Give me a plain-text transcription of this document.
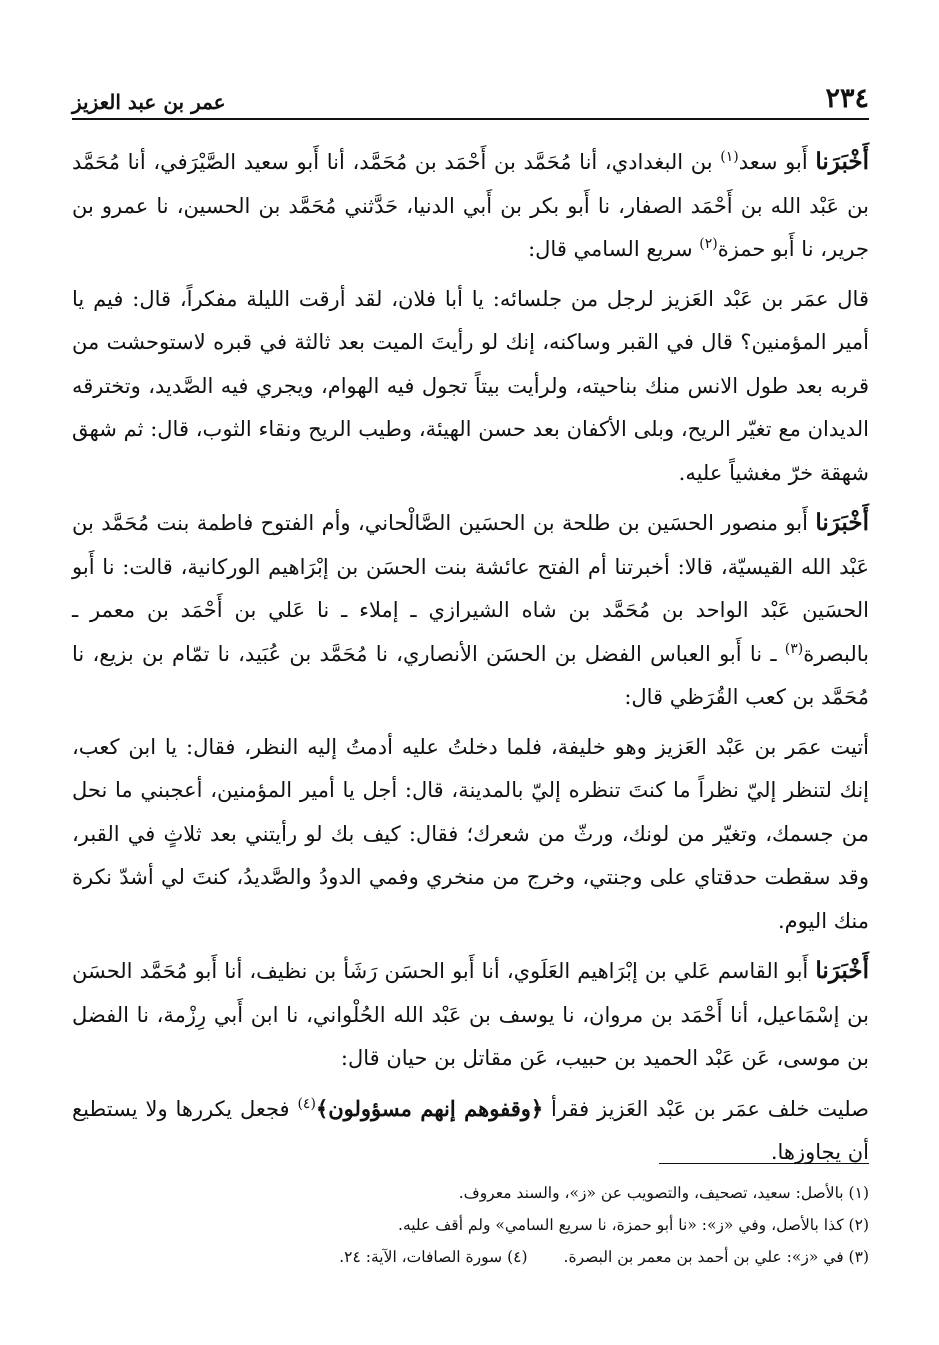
٢٣٤
عمر بن عبد العزيز

أَخْبَرَنا أَبو سعد$^{(١)}$ بن البغدادي، أنا مُحَمَّد بن أَحْمَد بن مُحَمَّد، أنا أَبو سعيد الصَّيْرَفي، أنا مُحَمَّد بن عَبْد الله بن أَحْمَد الصفار، نا أَبو بكر بن أَبي الدنيا، حَدَّثني مُحَمَّد بن الحسين، نا عمرو بن جرير، نا أَبو حمزة$^{(٢)}$ سريع السامي قال:

قال عمَر بن عَبْد العَزيز لرجل من جلسائه: يا أبا فلان، لقد أرقت الليلة مفكراً، قال: فيم يا أمير المؤمنين؟ قال في القبر وساكنه، إنك لو رأيتَ الميت بعد ثالثة في قبره لاستوحشت من قربه بعد طول الانس منك بناحيته، ولرأيت بيتاً تجول فيه الهوام، ويجري فيه الصَّديد، وتخترقه الديدان مع تغيّر الريح، وبلى الأكفان بعد حسن الهيئة، وطيب الريح ونقاء الثوب، قال: ثم شهق شهقة خرّ مغشياً عليه.

أَخْبَرَنا أَبو منصور الحسَين بن طلحة بن الحسَين الصَّالْحاني، وأم الفتوح فاطمة بنت مُحَمَّد بن عَبْد الله القيسيّة، قالا: أخبرتنا أم الفتح عائشة بنت الحسَن بن إبْرَاهيم الوركانية، قالت: نا أَبو الحسَين عَبْد الواحد بن مُحَمَّد بن شاه الشيرازي ـ إملاء ـ نا عَلي بن أَحْمَد بن معمر ـ بالبصرة$^{(٣)}$ ـ نا أَبو العباس الفضل بن الحسَن الأنصاري، نا مُحَمَّد بن عُبَيد، نا تمّام بن بزيع، نا مُحَمَّد بن كعب القُرَظي قال:

أتيت عمَر بن عَبْد العَزيز وهو خليفة، فلما دخلتُ عليه أدمتُ إليه النظر، فقال: يا ابن كعب، إنك لتنظر إليّ نظراً ما كنتَ تنظره إليّ بالمدينة، قال: أجل يا أمير المؤمنين، أعجبني ما نحل من جسمك، وتغيّر من لونك، ورثّ من شعرك؛ فقال: كيف بك لو رأيتني بعد ثلاثٍ في القبر، وقد سقطت حدقتاي على وجنتي، وخرج من منخري وفمي الدودُ والصَّديدُ، كنتَ لي أشدّ نكرة منك اليوم.

أَخْبَرَنا أَبو القاسم عَلي بن إبْرَاهيم العَلَوي، أنا أَبو الحسَن رَشَأ بن نظيف، أنا أَبو مُحَمَّد الحسَن بن إسْمَاعيل، أنا أَحْمَد بن مروان، نا يوسف بن عَبْد الله الحُلْواني، نا ابن أَبي رِزْمة، نا الفضل بن موسى، عَن عَبْد الحميد بن حبيب، عَن مقاتل بن حيان قال:

صليت خلف عمَر بن عَبْد العَزيز فقرأ ﴿وقفوهم إنهم مسؤولون﴾$^{(٤)}$ فجعل يكررها ولا يستطيع أن يجاوزها.

(١) بالأصل: سعيد، تصحيف، والتصويب عن «ز»، والسند معروف.
(٢) كذا بالأصل، وفي «ز»: «نا أبو حمزة، نا سريع السامي» ولم أقف عليه.
(٣) في «ز»: علي بن أحمد بن معمر بن البصرة.
(٤) سورة الصافات، الآية: ٢٤.
